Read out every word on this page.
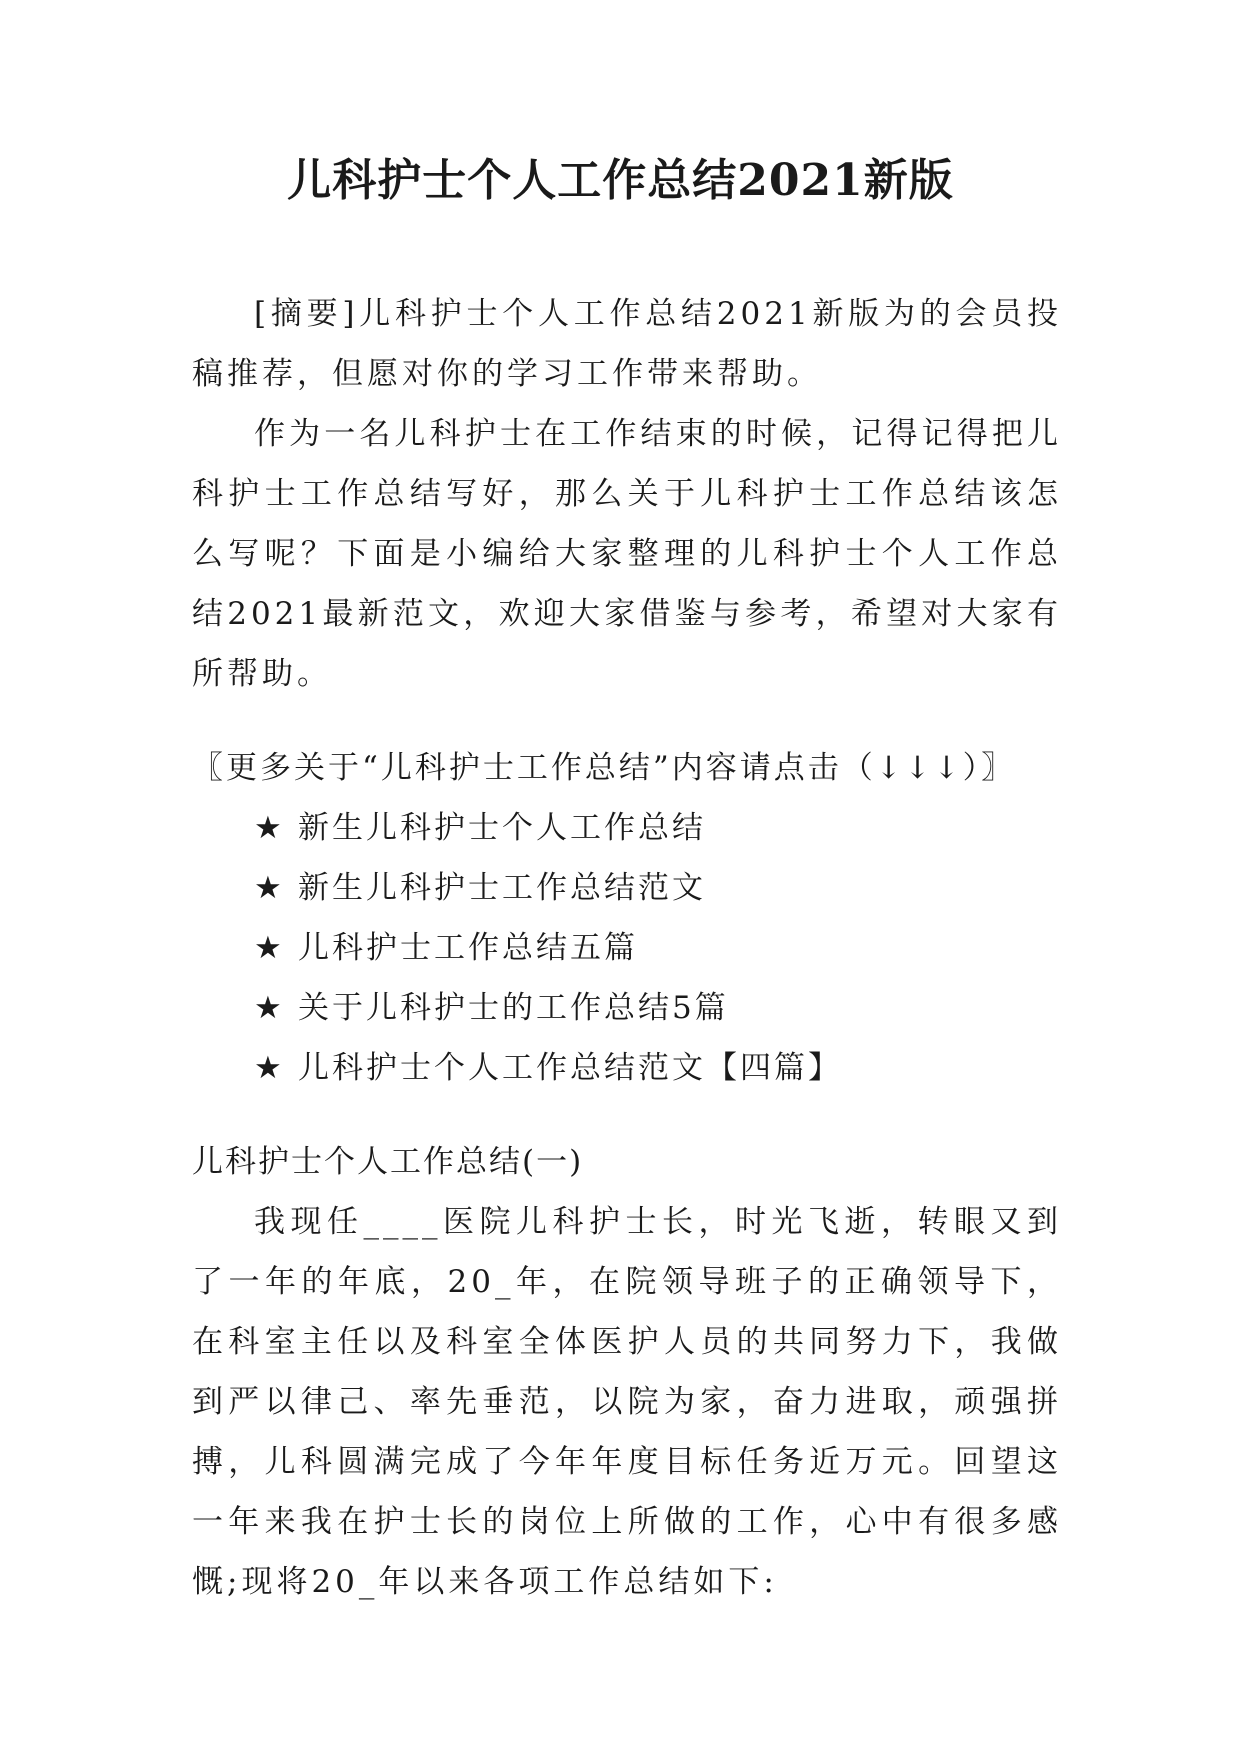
儿科护士个人工作总结2021新版

[摘要]儿科护士个人工作总结2021新版为的会员投稿推荐，但愿对你的学习工作带来帮助。

作为一名儿科护士在工作结束的时候，记得记得把儿科护士工作总结写好，那么关于儿科护士工作总结该怎么写呢？下面是小编给大家整理的儿科护士个人工作总结2021最新范文，欢迎大家借鉴与参考，希望对大家有所帮助。

〖更多关于“儿科护士工作总结”内容请点击（↓↓↓）〗

★ 新生儿科护士个人工作总结
★ 新生儿科护士工作总结范文
★ 儿科护士工作总结五篇
★ 关于儿科护士的工作总结5篇
★ 儿科护士个人工作总结范文【四篇】

儿科护士个人工作总结(一)

我现任____医院儿科护士长，时光飞逝，转眼又到了一年的年底，20_年，在院领导班子的正确领导下，在科室主任以及科室全体医护人员的共同努力下，我做到严以律己、率先垂范，以院为家，奋力进取，顽强拼搏，儿科圆满完成了今年年度目标任务近万元。回望这一年来我在护士长的岗位上所做的工作，心中有很多感慨;现将20_年以来各项工作总结如下:
